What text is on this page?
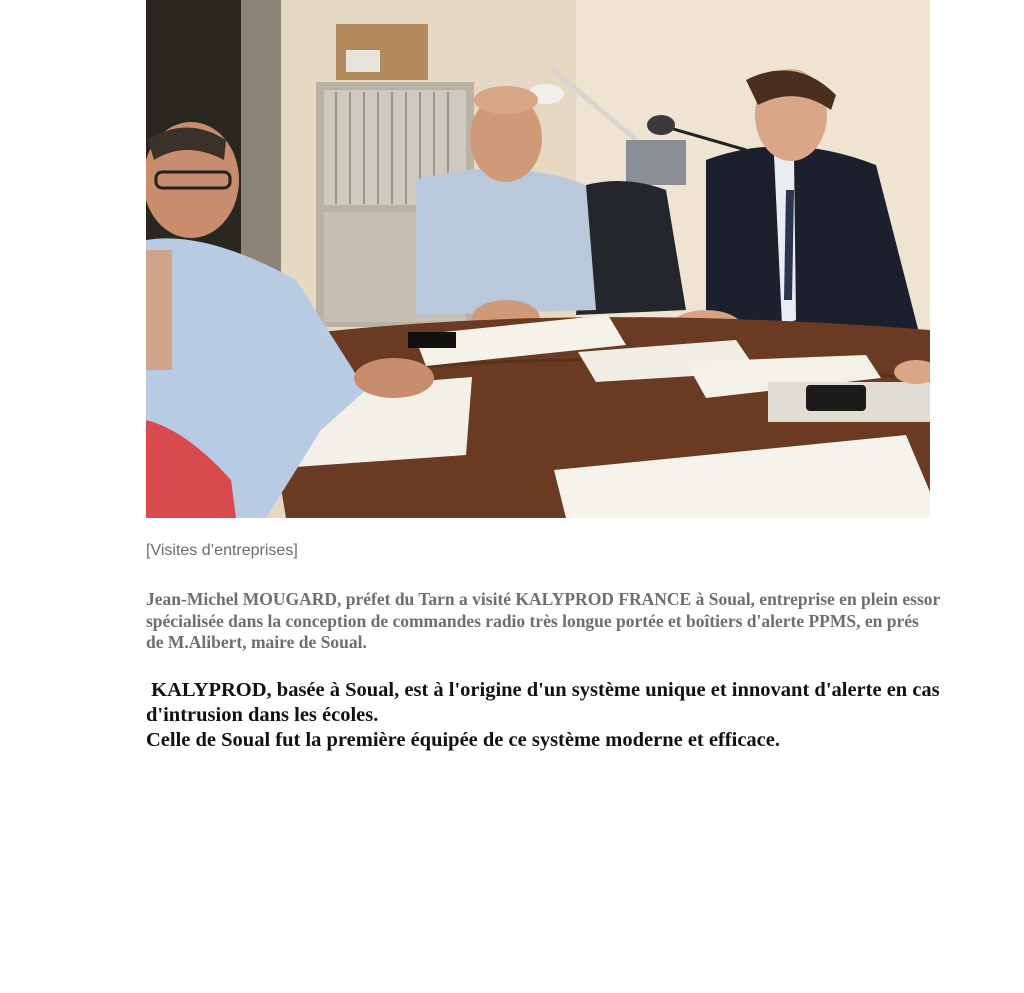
[Visites d’entreprises]
Jean-Michel MOUGARD, préfet du Tarn a visité KALYPROD FRANCE à Soual, entreprise en plein essor
spécialisée dans la conception de commandes radio très longue portée et boîtiers d'alerte PPMS, en prés
de M.Alibert, maire de Soual.
KALYPROD, basée à Soual, est à l'origine d'un système unique et innovant d'alerte en cas
d'intrusion dans les écoles.
Celle de Soual fut la première équipée de ce système moderne et efficace.
